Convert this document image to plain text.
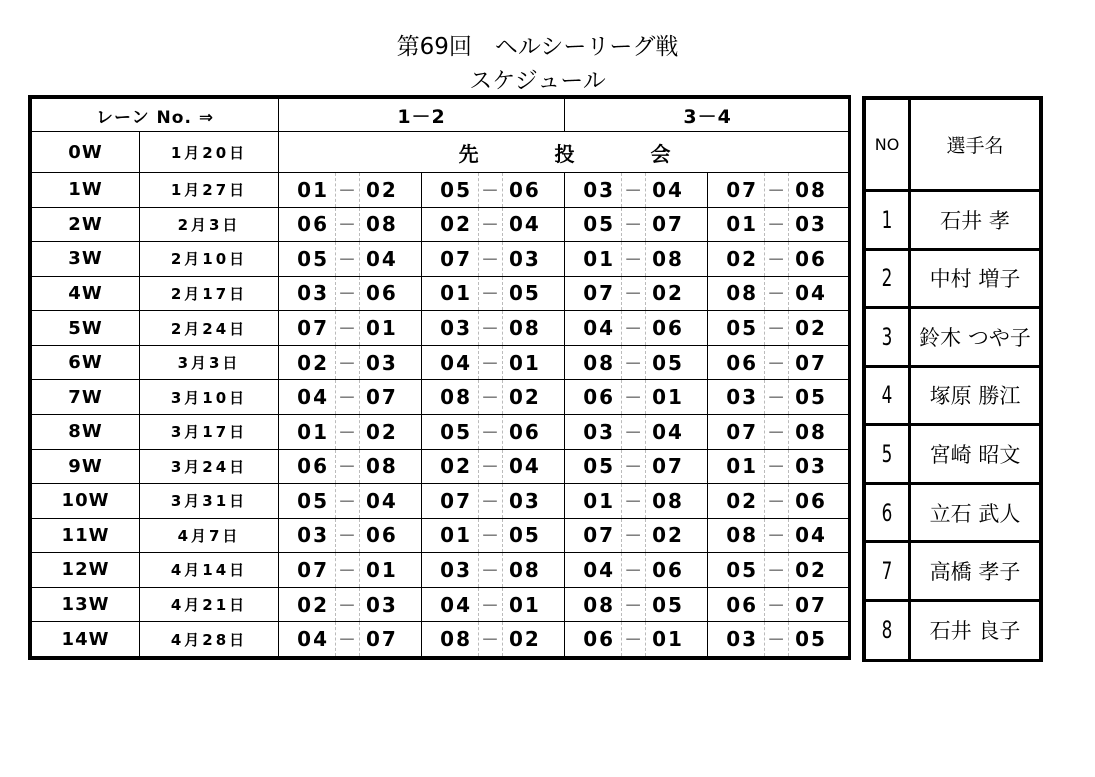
第69回　ヘルシーリーグ戦
スケジュール
レーン No. ⇒		1－2						3－4					
0W	1月20日	先　投　会											
1W	1月27日	01	－	02	05	－	06	03	－	04	07	－	08
2W	2月3日	06	－	08	02	－	04	05	－	07	01	－	03
3W	2月10日	05	－	04	07	－	03	01	－	08	02	－	06
4W	2月17日	03	－	06	01	－	05	07	－	02	08	－	04
5W	2月24日	07	－	01	03	－	08	04	－	06	05	－	02
6W	3月3日	02	－	03	04	－	01	08	－	05	06	－	07
7W	3月10日	04	－	07	08	－	02	06	－	01	03	－	05
8W	3月17日	01	－	02	05	－	06	03	－	04	07	－	08
9W	3月24日	06	－	08	02	－	04	05	－	07	01	－	03
10W	3月31日	05	－	04	07	－	03	01	－	08	02	－	06
11W	4月7日	03	－	06	01	－	05	07	－	02	08	－	04
12W	4月14日	07	－	01	03	－	08	04	－	06	05	－	02
13W	4月21日	02	－	03	04	－	01	08	－	05	06	－	07
14W	4月28日	04	－	07	08	－	02	06	－	01	03	－	05
NO	選手名

1	石井 孝

2	中村 増子

3	鈴木 つや子

4	塚原 勝江

5	宮崎 昭文

6	立石 武人

7	高橋 孝子

8	石井 良子
